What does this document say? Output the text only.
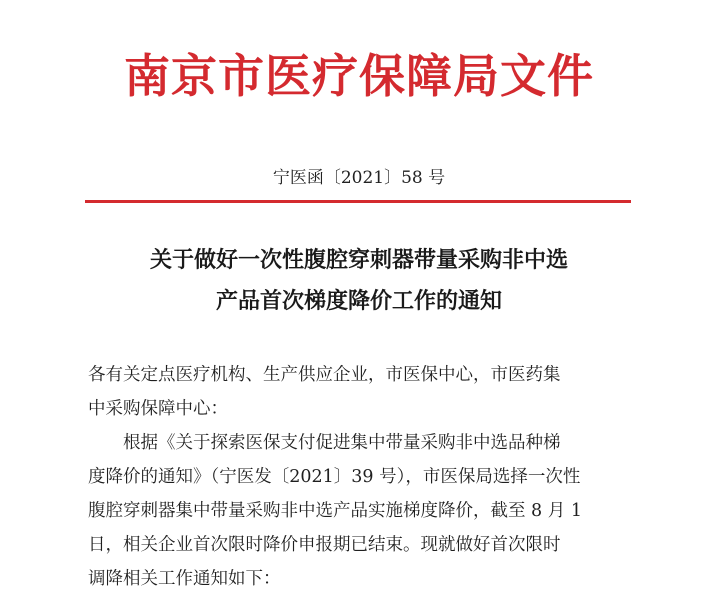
南京市医疗保障局文件
宁医函〔2021〕58 号
关于做好一次性腹腔穿刺器带量采购非中选
产品首次梯度降价工作的通知
各有关定点医疗机构、生产供应企业，市医保中心，市医药集
中采购保障中心：
根据《关于探索医保支付促进集中带量采购非中选品种梯
度降价的通知》（宁医发〔2021〕39 号），市医保局选择一次性
腹腔穿刺器集中带量采购非中选产品实施梯度降价，截至 8 月 1
日，相关企业首次限时降价申报期已结束。现就做好首次限时
调降相关工作通知如下：
